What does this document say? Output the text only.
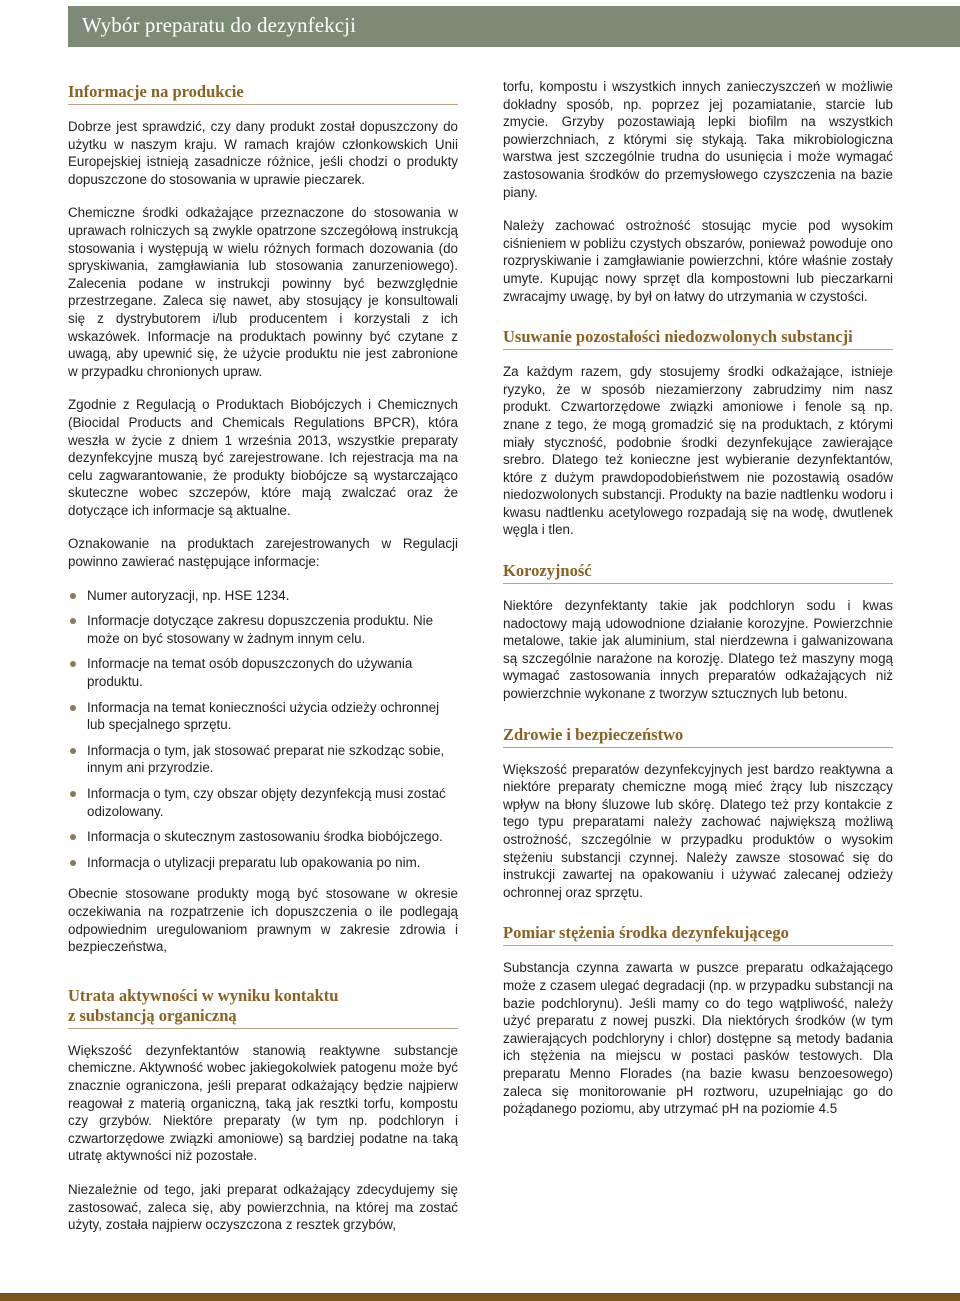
Wybór preparatu do dezynfekcji
Informacje na produkcie

Dobrze jest sprawdzić, czy dany produkt został dopuszczony do użytku w naszym kraju. W ramach krajów członkowskich Unii Europejskiej istnieją zasadnicze różnice, jeśli chodzi o produkty dopuszczone do stosowania w uprawie pieczarek.

Chemiczne środki odkażające przeznaczone do stosowania w uprawach rolniczych są zwykle opatrzone szczegółową instrukcją stosowania i występują w wielu różnych formach dozowania (do spryskiwania, zamgławiania lub stosowania zanurzeniowego). Zalecenia podane w instrukcji powinny być bezwzględnie przestrzegane. Zaleca się nawet, aby stosujący je konsultowali się z dystrybutorem i/lub producentem i korzystali z ich wskazówek. Informacje na produktach powinny być czytane z uwagą, aby upewnić się, że użycie produktu nie jest zabronione w przypadku chronionych upraw.

Zgodnie z Regulacją o Produktach Biobójczych i Chemicznych (Biocidal Products and Chemicals Regulations BPCR), która weszła w życie z dniem 1 września 2013, wszystkie preparaty dezynfekcyjne muszą być zarejestrowane. Ich rejestracja ma na celu zagwarantowanie, że produkty biobójcze są wystarczająco skuteczne wobec szczepów, które mają zwalczać oraz że dotyczące ich informacje są aktualne.

Oznakowanie na produktach zarejestrowanych w Regulacji powinno zawierać następujące informacje:

Numer autoryzacji, np. HSE 1234.
Informacje dotyczące zakresu dopuszczenia produktu. Nie może on być stosowany w żadnym innym celu.
Informacje na temat osób dopuszczonych do używania produktu.
Informacja na temat konieczności użycia odzieży ochronnej lub specjalnego sprzętu.
Informacja o tym, jak stosować preparat nie szkodząc sobie, innym ani przyrodzie.
Informacja o tym, czy obszar objęty dezynfekcją musi zostać odizolowany.
Informacja o skutecznym zastosowaniu środka biobójczego.
Informacja o utylizacji preparatu lub opakowania po nim.

Obecnie stosowane produkty mogą być stosowane w okresie oczekiwania na rozpatrzenie ich dopuszczenia o ile podlegają odpowiednim uregulowaniom prawnym w zakresie zdrowia i bezpieczeństwa,

Utrata aktywności w wyniku kontaktu
z substancją organiczną

Większość dezynfektantów stanowią reaktywne substancje chemiczne. Aktywność wobec jakiegokolwiek patogenu może być znacznie ograniczona, jeśli preparat odkażający będzie najpierw reagował z materią organiczną, taką jak resztki torfu, kompostu czy grzybów. Niektóre preparaty (w tym np. podchloryn i czwartorzędowe związki amoniowe) są bardziej podatne na taką utratę aktywności niż pozostałe.

Niezależnie od tego, jaki preparat odkażający zdecydujemy się zastosować, zaleca się, aby powierzchnia, na której ma zostać użyty, została najpierw oczyszczona z resztek grzybów,

torfu, kompostu i wszystkich innych zanieczyszczeń w możliwie dokładny sposób, np. poprzez jej pozamiatanie, starcie lub zmycie. Grzyby pozostawiają lepki biofilm na wszystkich powierzchniach, z którymi się stykają. Taka mikrobiologiczna warstwa jest szczególnie trudna do usunięcia i może wymagać zastosowania środków do przemysłowego czyszczenia na bazie piany.

Należy zachować ostrożność stosując mycie pod wysokim ciśnieniem w pobliżu czystych obszarów, ponieważ powoduje ono rozpryskiwanie i zamgławianie powierzchni, które właśnie zostały umyte. Kupując nowy sprzęt dla kompostowni lub pieczarkarni zwracajmy uwagę, by był on łatwy do utrzymania w czystości.

Usuwanie pozostałości niedozwolonych substancji

Za każdym razem, gdy stosujemy środki odkażające, istnieje ryzyko, że w sposób niezamierzony zabrudzimy nim nasz produkt. Czwartorzędowe związki amoniowe i fenole są np. znane z tego, że mogą gromadzić się na produktach, z którymi miały styczność, podobnie środki dezynfekujące zawierające srebro. Dlatego też konieczne jest wybieranie dezynfektantów, które z dużym prawdopodobieństwem nie pozostawią osadów niedozwolonych substancji. Produkty na bazie nadtlenku wodoru i kwasu nadtlenku acetylowego rozpadają się na wodę, dwutlenek węgla i tlen.

Korozyjność

Niektóre dezynfektanty takie jak podchloryn sodu i kwas nadoctowy mają udowodnione działanie korozyjne. Powierzchnie metalowe, takie jak aluminium, stal nierdzewna i galwanizowana są szczególnie narażone na korozję. Dlatego też maszyny mogą wymagać zastosowania innych preparatów odkażających niż powierzchnie wykonane z tworzyw sztucznych lub betonu.

Zdrowie i bezpieczeństwo

Większość preparatów dezynfekcyjnych jest bardzo reaktywna a niektóre preparaty chemiczne mogą mieć żrący lub niszczący wpływ na błony śluzowe lub skórę. Dlatego też przy kontakcie z tego typu preparatami należy zachować największą możliwą ostrożność, szczególnie w przypadku produktów o wysokim stężeniu substancji czynnej. Należy zawsze stosować się do instrukcji zawartej na opakowaniu i używać zalecanej odzieży ochronnej oraz sprzętu.

Pomiar stężenia środka dezynfekującego

Substancja czynna zawarta w puszce preparatu odkażającego może z czasem ulegać degradacji (np. w przypadku substancji na bazie podchlorynu). Jeśli mamy co do tego wątpliwość, należy użyć preparatu z nowej puszki. Dla niektórych środków (w tym zawierających podchloryny i chlor) dostępne są metody badania ich stężenia na miejscu w postaci pasków testowych. Dla preparatu Menno Florades (na bazie kwasu benzoesowego) zaleca się monitorowanie pH roztworu, uzupełniając go do pożądanego poziomu, aby utrzymać pH na poziomie 4.5
